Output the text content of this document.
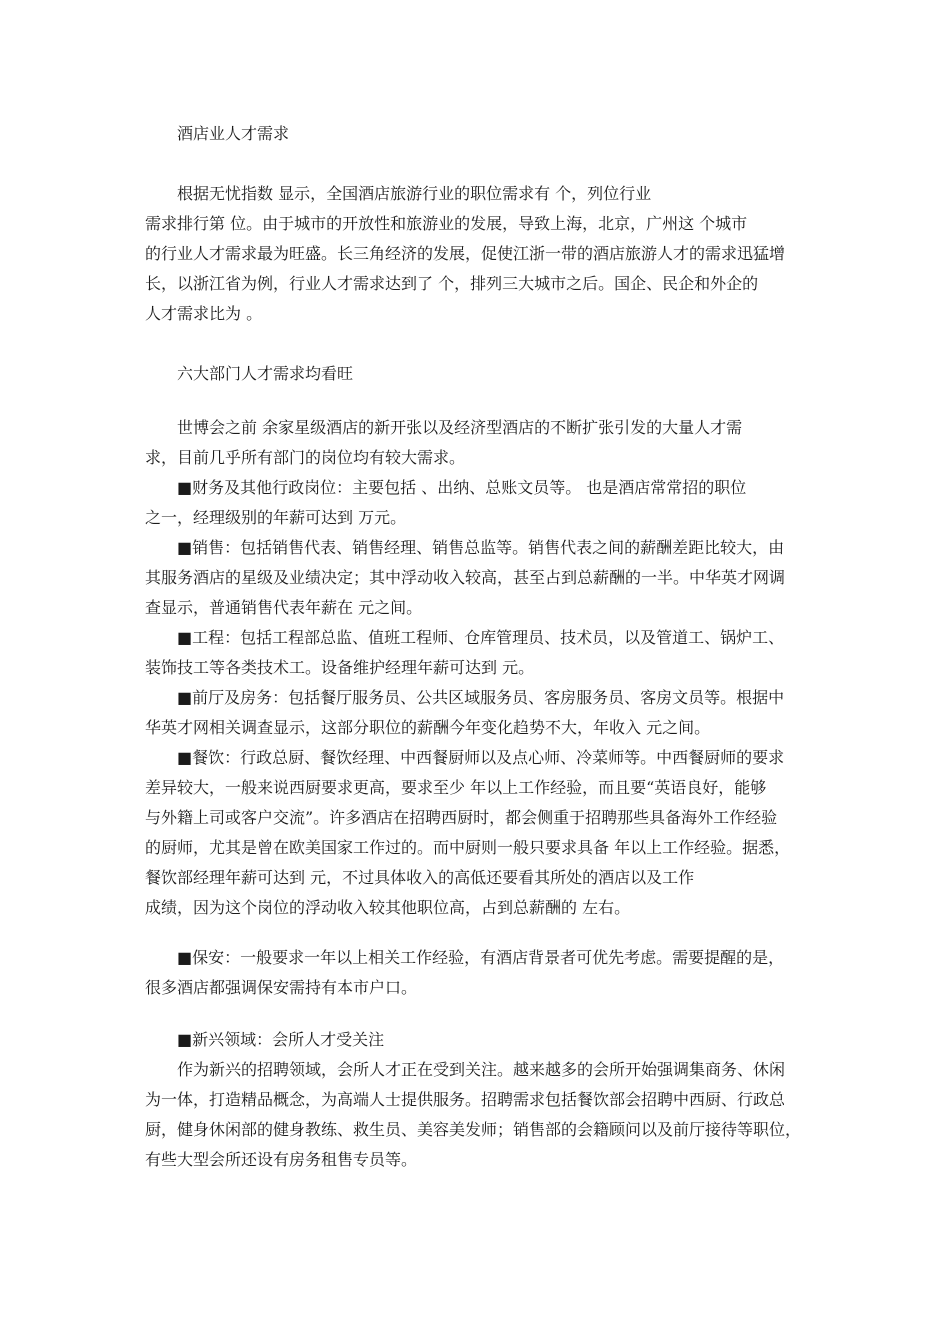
酒店业人才需求
根据无忧指数 显示，全国酒店旅游行业的职位需求有 个，列位行业
需求排行第 位。由于城市的开放性和旅游业的发展，导致上海，北京，广州这 个城市
的行业人才需求最为旺盛。长三角经济的发展，促使江浙一带的酒店旅游人才的需求迅猛增
长，以浙江省为例，行业人才需求达到了 个，排列三大城市之后。国企、民企和外企的
人才需求比为 。
六大部门人才需求均看旺
世博会之前 余家星级酒店的新开张以及经济型酒店的不断扩张引发的大量人才需
求，目前几乎所有部门的岗位均有较大需求。
■财务及其他行政岗位：主要包括 、出纳、总账文员等。 也是酒店常常招的职位
之一，经理级别的年薪可达到 万元。
■销售：包括销售代表、销售经理、销售总监等。销售代表之间的薪酬差距比较大，由
其服务酒店的星级及业绩决定；其中浮动收入较高，甚至占到总薪酬的一半。中华英才网调
查显示，普通销售代表年薪在 元之间。
■工程：包括工程部总监、值班工程师、仓库管理员、技术员，以及管道工、锅炉工、
装饰技工等各类技术工。设备维护经理年薪可达到 元。
■前厅及房务：包括餐厅服务员、公共区域服务员、客房服务员、客房文员等。根据中
华英才网相关调查显示，这部分职位的薪酬今年变化趋势不大，年收入 元之间。
■餐饮：行政总厨、餐饮经理、中西餐厨师以及点心师、冷菜师等。中西餐厨师的要求
差异较大，一般来说西厨要求更高，要求至少 年以上工作经验，而且要“英语良好，能够
与外籍上司或客户交流”。许多酒店在招聘西厨时，都会侧重于招聘那些具备海外工作经验
的厨师，尤其是曾在欧美国家工作过的。而中厨则一般只要求具备 年以上工作经验。据悉，
餐饮部经理年薪可达到 元，不过具体收入的高低还要看其所处的酒店以及工作
成绩，因为这个岗位的浮动收入较其他职位高，占到总薪酬的 左右。
■保安：一般要求一年以上相关工作经验，有酒店背景者可优先考虑。需要提醒的是，
很多酒店都强调保安需持有本市户口。
■新兴领域：会所人才受关注
作为新兴的招聘领域，会所人才正在受到关注。越来越多的会所开始强调集商务、休闲
为一体，打造精品概念，为高端人士提供服务。招聘需求包括餐饮部会招聘中西厨、行政总
厨，健身休闲部的健身教练、救生员、美容美发师；销售部的会籍顾问以及前厅接待等职位，
有些大型会所还设有房务租售专员等。
